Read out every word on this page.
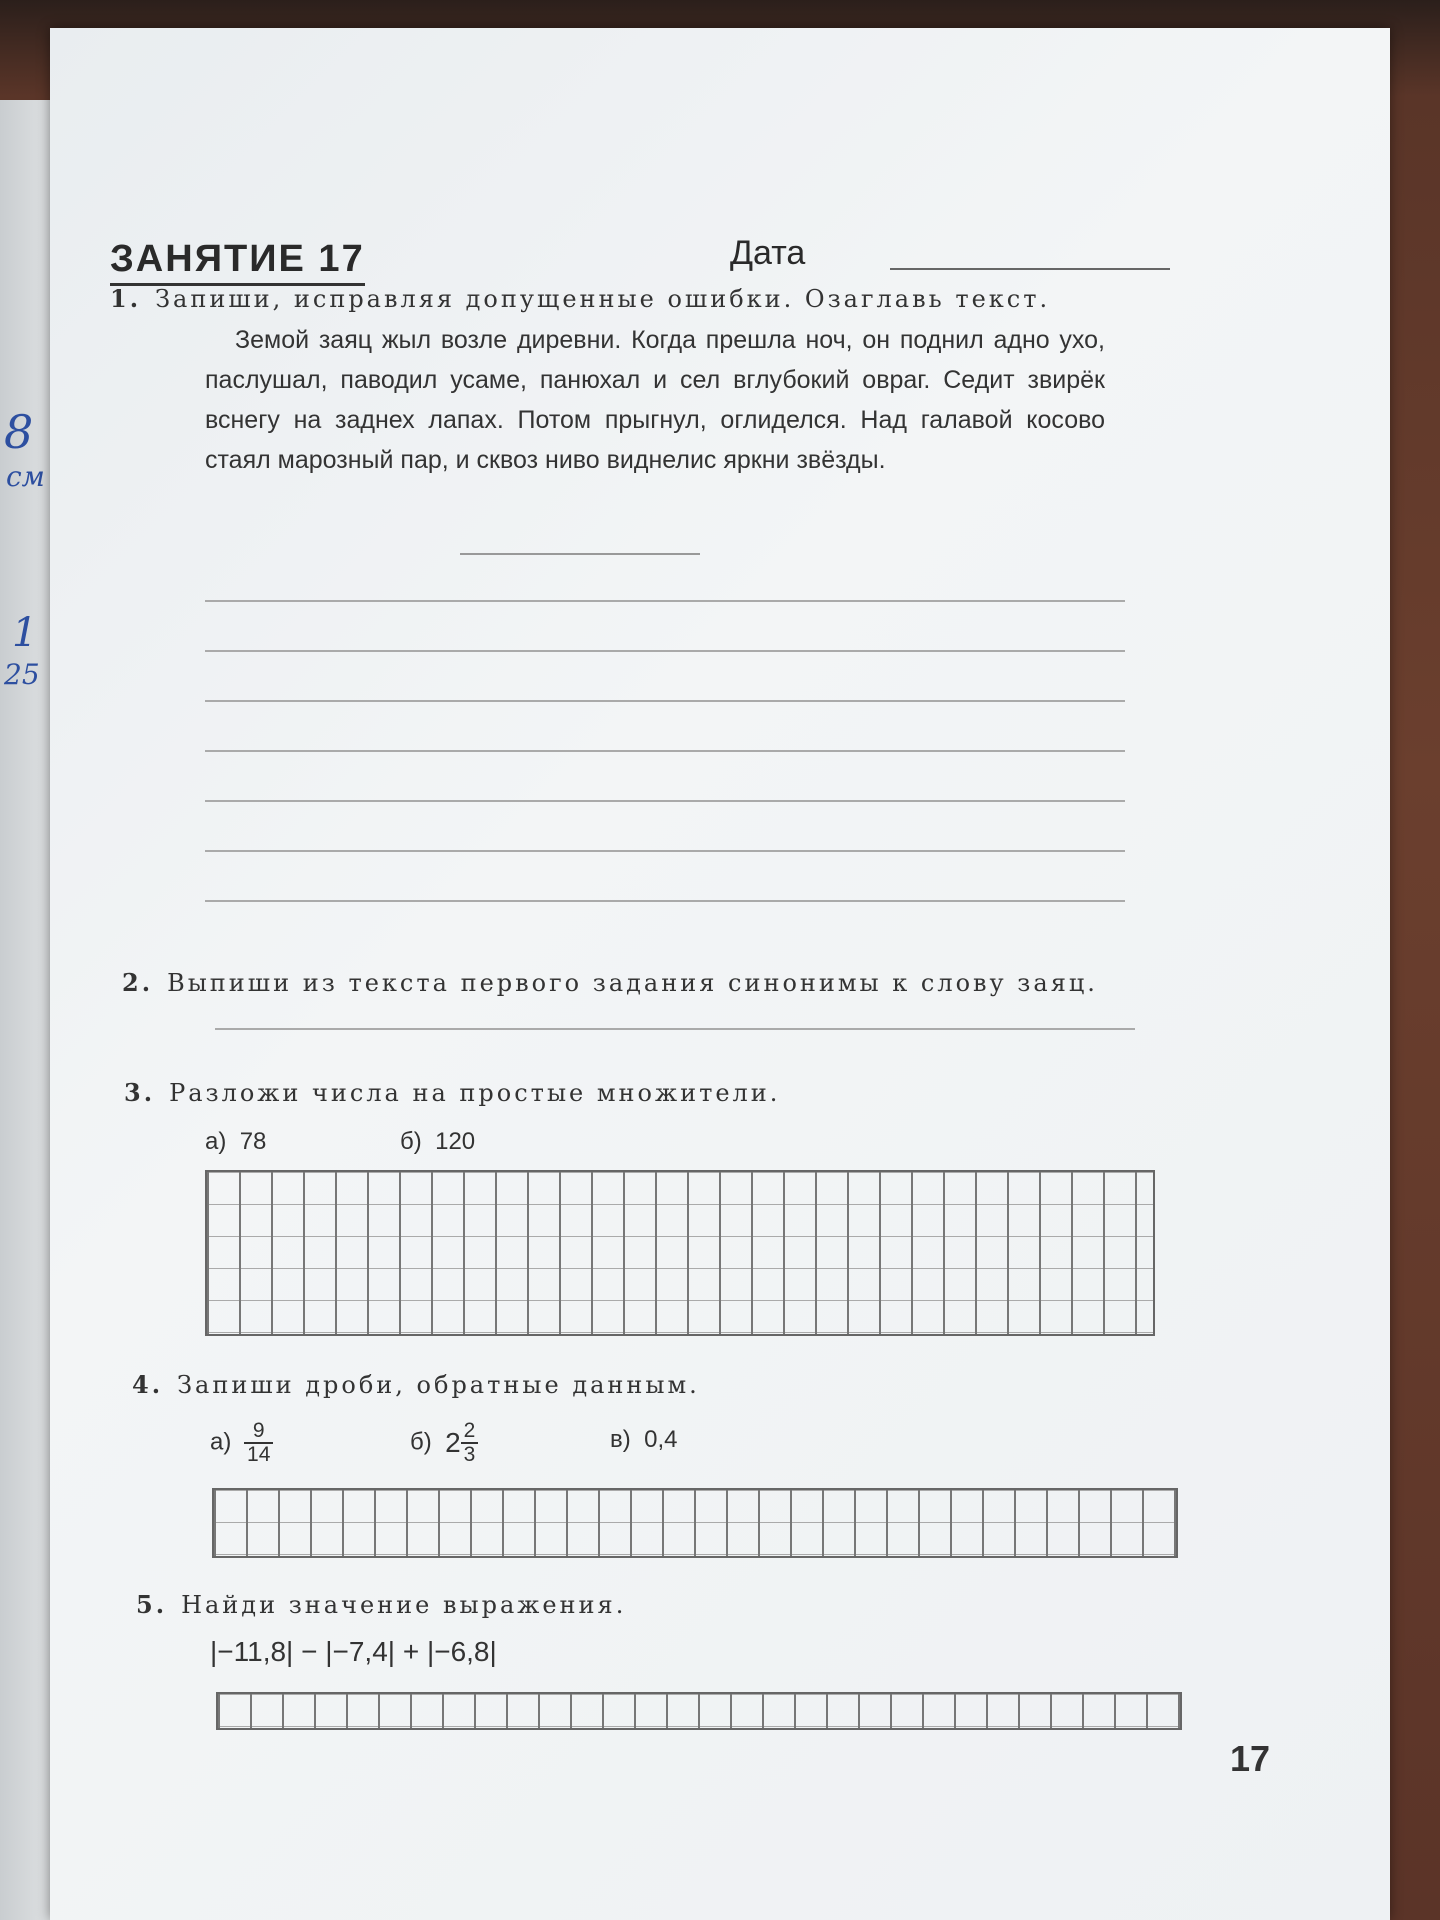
8
см
1
25
ЗАНЯТИЕ 17	Дата
1. Запиши, исправляя допущенные ошибки. Озаглавь текст.
Земой заяц жыл возле диревни. Когда прешла ноч, он поднил адно ухо, паслушал, паводил усаме, панюхал и сел вглубокий овраг. Седит звирёк вснегу на заднех лапах. Потом прыгнул, оглиделся. Над галавой косово стаял марозный пар, и сквоз ниво виднелис яркни звёзды.
2. Выпиши из текста первого задания синонимы к слову заяц.
3. Разложи числа на простые множители.
а) 78	б) 120
4. Запиши дроби, обратные данным.
$а) \frac{9}{14}$	б) $2 \frac{2}{3}$	в) 0,4
5. Найди значение выражения.
|−11,8| − |−7,4| + |−6,8|
17
